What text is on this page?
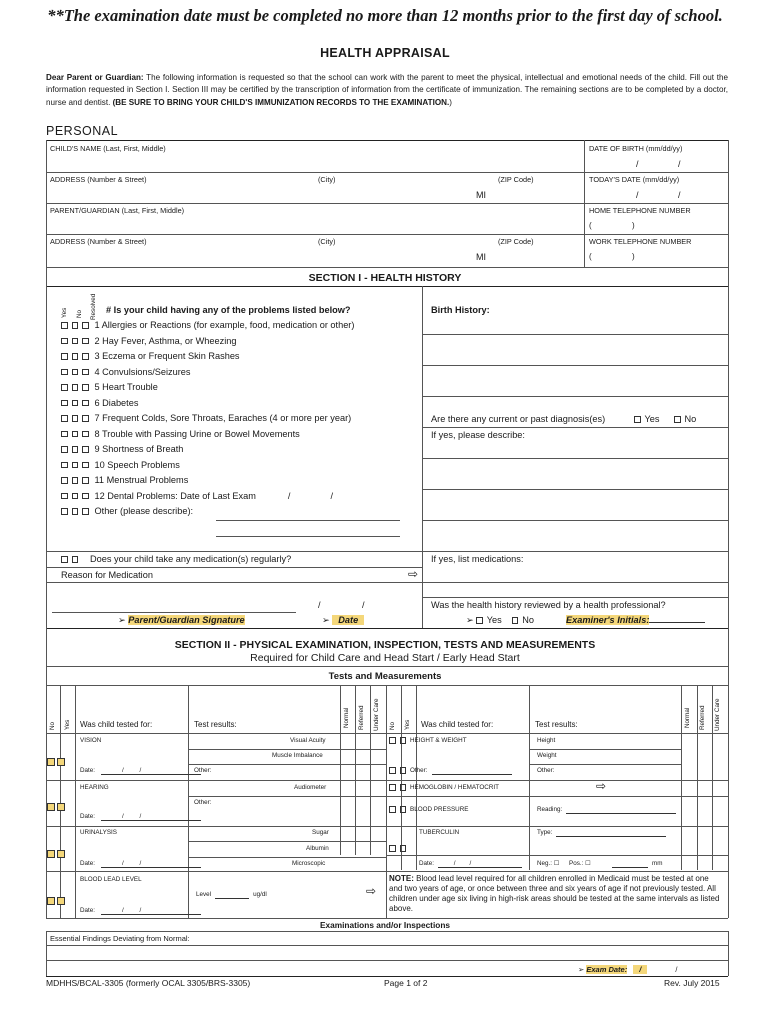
**The examination date must be completed no more than 12 months prior to the first day of school.
HEALTH APPRAISAL
Dear Parent or Guardian: The following information is requested so that the school can work with the parent to meet the physical, intellectual and emotional needs of the child. Fill out the information requested in Section I. Section III may be certified by the transcription of information from the certificate of immunization. The remaining sections are to be completed by a doctor, nurse and dentist. (BE SURE TO BRING YOUR CHILD'S IMMUNIZATION RECORDS TO THE EXAMINATION.)
PERSONAL
CHILD'S NAME (Last, First, Middle)	DATE OF BIRTH (mm/dd/yy)
/	/
ADDRESS (Number & Street)	(City)	(ZIP Code)
MI
TODAY'S DATE (mm/dd/yy)
/	/
PARENT/GUARDIAN (Last, First, Middle)	HOME TELEPHONE NUMBER
(	)
ADDRESS (Number & Street)	(City)	(ZIP Code)
MI
WORK TELEPHONE NUMBER
(	)
SECTION I - HEALTH HISTORY
Yes No Resolved # Is your child having any of the problems listed below?	Birth History:
1 Allergies or Reactions (for example, food, medication or other)
2 Hay Fever, Asthma, or Wheezing
3 Eczema or Frequent Skin Rashes
4 Convulsions/Seizures
5 Heart Trouble
6 Diabetes
7 Frequent Colds, Sore Throats, Earaches (4 or more per year)
8 Trouble with Passing Urine or Bowel Movements
9 Shortness of Breath
10 Speech Problems
11 Menstrual Problems
12 Dental Problems: Date of Last Exam	/	/
Other (please describe):
Are there any current or past diagnosis(es)	Yes	No
If yes, please describe:
Does your child take any medication(s) regularly?	If yes, list medications:
Reason for Medication	⇨
/	/
➢ Parent/Guardian Signature	➢ Date
Was the health history reviewed by a health professional?
➢ Yes No	Examiner's Initials:
SECTION II - PHYSICAL EXAMINATION, INSPECTION, TESTS AND MEASUREMENTS
Required for Child Care and Head Start / Early Head Start
Tests and Measurements
No Yes Was child tested for:	Test results:	Normal Referred Under Care No Yes Was child tested for:	Test results:	Normal Referred Under Care
VISION	Visual Acuity
Muscle Imbalance
Date:            /         /	Other:
HEARING	Audiometer
Other:
Date:            /         /
URINALYSIS	Sugar
Albumin
Date:            /         /	Microscopic
BLOOD LEAD LEVEL
Level	ug/dl	⇨
Date:            /         /
HEIGHT & WEIGHT	Height
Weight
Other:	Other:
HEMOGLOBIN / HEMATOCRIT	⇨
BLOOD PRESSURE	Reading:
TUBERCULIN	Type:
Date:         /        /	Neg.: ☐ Pos.: ☐	mm
NOTE: Blood lead level required for all children enrolled in Medicaid must be tested at one and two years of age, or once between three and six years of age if not previously tested. All children under age six living in high-risk areas should be tested at the same intervals as listed above.
Examinations and/or Inspections
Essential Findings Deviating from Normal:
➢ Exam Date: /	/
MDHHS/BCAL-3305 (formerly OCAL 3305/BRS-3305)	Page 1 of 2	Rev. July 2015
